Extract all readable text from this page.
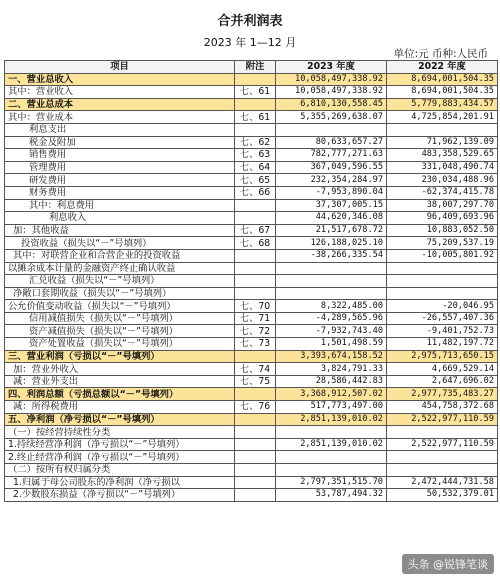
合并利润表
2023 年 1—12 月
单位:元 币种:人民币
项目	附注	2023 年度	2022 年度
一、营业总收入		10,058,497,338.92	8,694,001,504.35
其中：营业收入	七、61	10,058,497,338.92	8,694,001,504.35
二、营业总成本		6,810,130,558.45	5,779,883,434.57
其中：营业成本	七、61	5,355,269,638.07	4,725,854,201.91
利息支出			
税金及附加	七、62	80,633,657.27	71,962,139.09
销售费用	七、63	782,777,271.63	483,358,529.65
管理费用	七、64	367,049,596.55	331,048,490.74
研发费用	七、65	232,354,284.97	230,034,488.96
财务费用	七、66	-7,953,890.04	-62,374,415.78
其中：利息费用		37,307,005.15	38,007,297.70
利息收入		44,620,346.08	96,409,693.96
加：其他收益	七、67	21,517,678.72	10,883,052.50
投资收益（损失以“－”号填列）	七、68	126,188,025.10	75,209,537.19
其中：对联营企业和合营企业的投资收益		-38,266,335.54	-10,005,801.92
以摊余成本计量的金融资产终止确认收益			
汇兑收益（损失以“－”号填列）			
净敞口套期收益（损失以“－”号填列）			
公允价值变动收益（损失以“－”号填列）	七、70	8,322,485.00	-20,046.95
信用减值损失（损失以“－”号填列）	七、71	-4,289,565.96	-26,557,407.36
资产减值损失（损失以“－”号填列）	七、72	-7,932,743.40	-9,401,752.73
资产处置收益（损失以“－”号填列）	七、73	1,501,498.59	11,482,197.72
三、营业利润（亏损以“－”号填列）		3,393,674,158.52	2,975,713,650.15
加：营业外收入	七、74	3,824,791.33	4,669,529.14
减：营业外支出	七、75	28,586,442.83	2,647,696.02
四、利润总额（亏损总额以“－”号填列）		3,368,912,507.02	2,977,735,483.27
减：所得税费用	七、76	517,773,497.00	454,758,372.68
五、净利润（净亏损以“－”号填列）		2,851,139,010.02	2,522,977,110.59
（一）按经营持续性分类			
1.持续经营净利润（净亏损以“－”号填列）		2,851,139,010.02	2,522,977,110.59
2.终止经营净利润（净亏损以“－”号填列）			
（二）按所有权归属分类			
1.归属于母公司股东的净利润（净亏损以		2,797,351,515.70	2,472,444,731.58
2.少数股东损益（净亏损以“－”号填列）		53,787,494.32	50,532,379.01
头条 @锐锋笔谈
